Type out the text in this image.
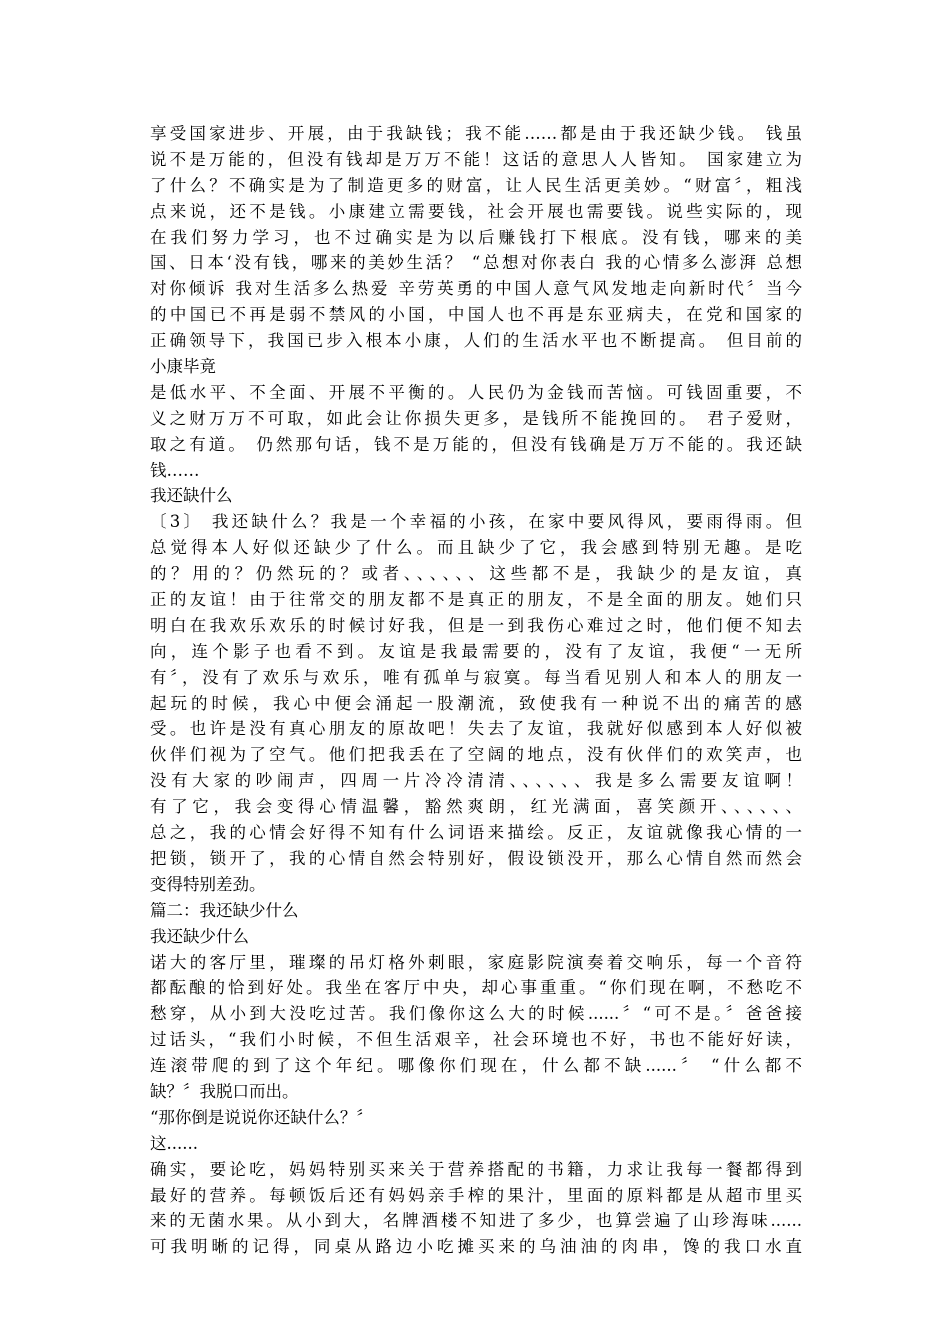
享受国家进步、开展，由于我缺钱；我不能……都是由于我还缺少钱。 钱虽
说不是万能的，但没有钱却是万万不能！这话的意思人人皆知。 国家建立为
了什么？不确实是为了制造更多的财富，让人民生活更美妙。“财富〞，粗浅
点来说，还不是钱。小康建立需要钱，社会开展也需要钱。说些实际的，现
在我们努力学习，也不过确实是为以后赚钱打下根底。没有钱，哪来的美
国、日本‘没有钱，哪来的美妙生活？ “总想对你表白 我的心情多么澎湃 总想
对你倾诉 我对生活多么热爱 辛劳英勇的中国人意气风发地走向新时代〞当今
的中国已不再是弱不禁风的小国，中国人也不再是东亚病夫，在党和国家的
正确领导下，我国已步入根本小康，人们的生活水平也不断提高。 但目前的
小康毕竟
是低水平、不全面、开展不平衡的。人民仍为金钱而苦恼。可钱固重要，不
义之财万万不可取，如此会让你损失更多，是钱所不能挽回的。 君子爱财，
取之有道。 仍然那句话，钱不是万能的，但没有钱确是万万不能的。我还缺
钱……
我还缺什么
〔3〕 我还缺什么？我是一个幸福的小孩，在家中要风得风，要雨得雨。但
总觉得本人好似还缺少了什么。而且缺少了它，我会感到特别无趣。是吃
的？用的？仍然玩的？或者、、、、、、这些都不是，我缺少的是友谊，真
正的友谊！由于往常交的朋友都不是真正的朋友，不是全面的朋友。她们只
明白在我欢乐欢乐的时候讨好我，但是一到我伤心难过之时，他们便不知去
向，连个影子也看不到。友谊是我最需要的，没有了友谊，我便“一无所
有〞，没有了欢乐与欢乐，唯有孤单与寂寞。每当看见别人和本人的朋友一
起玩的时候，我心中便会涌起一股潮流，致使我有一种说不出的痛苦的感
受。也许是没有真心朋友的原故吧！失去了友谊，我就好似感到本人好似被
伙伴们视为了空气。他们把我丢在了空阔的地点，没有伙伴们的欢笑声，也
没有大家的吵闹声，四周一片冷冷清清、、、、、、我是多么需要友谊啊！
有了它，我会变得心情温馨，豁然爽朗，红光满面，喜笑颜开、、、、、、
总之，我的心情会好得不知有什么词语来描绘。反正，友谊就像我心情的一
把锁，锁开了，我的心情自然会特别好，假设锁没开，那么心情自然而然会
变得特别差劲。
篇二：我还缺少什么
我还缺少什么
诺大的客厅里，璀璨的吊灯格外刺眼，家庭影院演奏着交响乐，每一个音符
都酝酿的恰到好处。我坐在客厅中央，却心事重重。“你们现在啊，不愁吃不
愁穿，从小到大没吃过苦。我们像你这么大的时候......〞“可不是。〞爸爸接
过话头，“我们小时候，不但生活艰辛，社会环境也不好，书也不能好好读，
连滚带爬的到了这个年纪。哪像你们现在，什么都不缺......〞 “什么都不
缺？〞我脱口而出。
“那你倒是说说你还缺什么？〞
这......
确实，要论吃，妈妈特别买来关于营养搭配的书籍，力求让我每一餐都得到
最好的营养。每顿饭后还有妈妈亲手榨的果汁，里面的原料都是从超市里买
来的无菌水果。从小到大，名牌酒楼不知进了多少，也算尝遍了山珍海味......
可我明晰的记得，同桌从路边小吃摊买来的乌油油的肉串，馋的我口水直
